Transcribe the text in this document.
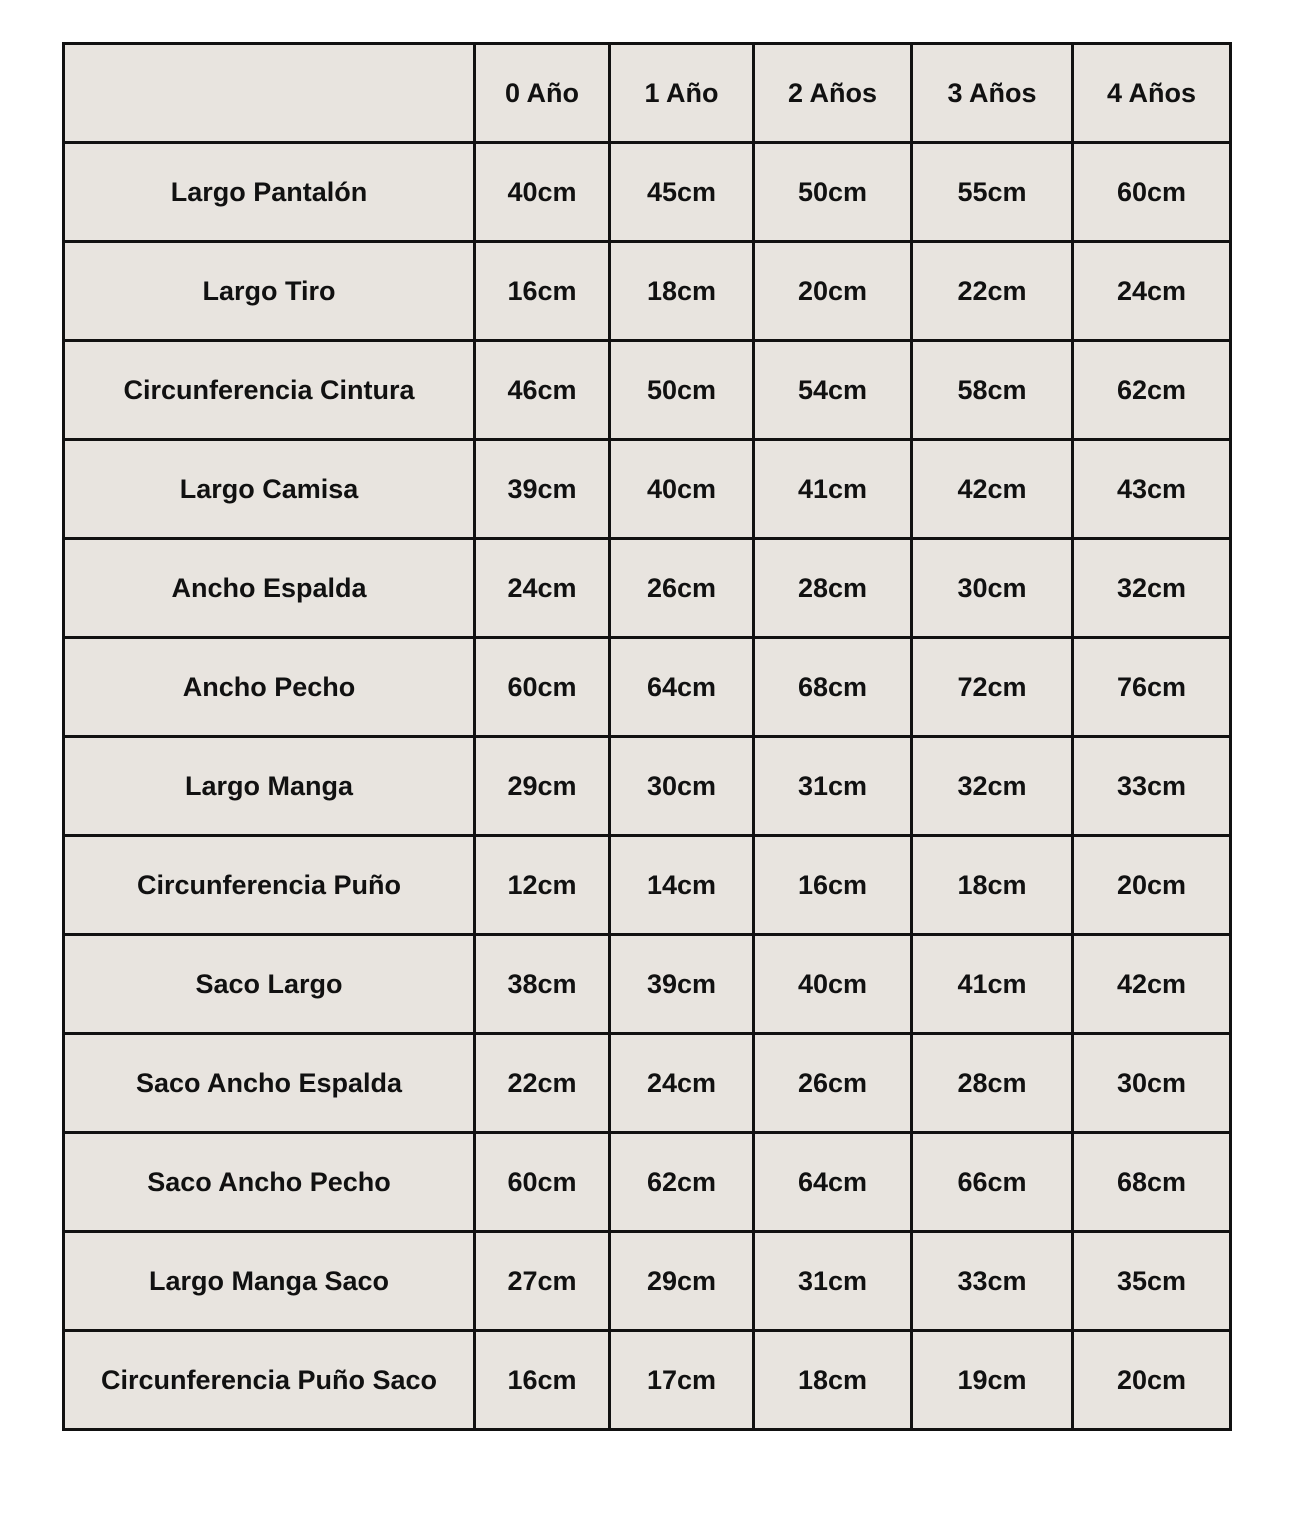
	0 Año	1 Año	2 Años	3 Años	4 Años
Largo Pantalón	40cm	45cm	50cm	55cm	60cm
Largo Tiro	16cm	18cm	20cm	22cm	24cm
Circunferencia Cintura	46cm	50cm	54cm	58cm	62cm
Largo Camisa	39cm	40cm	41cm	42cm	43cm
Ancho Espalda	24cm	26cm	28cm	30cm	32cm
Ancho Pecho	60cm	64cm	68cm	72cm	76cm
Largo Manga	29cm	30cm	31cm	32cm	33cm
Circunferencia Puño	12cm	14cm	16cm	18cm	20cm
Saco Largo	38cm	39cm	40cm	41cm	42cm
Saco Ancho Espalda	22cm	24cm	26cm	28cm	30cm
Saco Ancho Pecho	60cm	62cm	64cm	66cm	68cm
Largo Manga Saco	27cm	29cm	31cm	33cm	35cm
Circunferencia Puño Saco	16cm	17cm	18cm	19cm	20cm
